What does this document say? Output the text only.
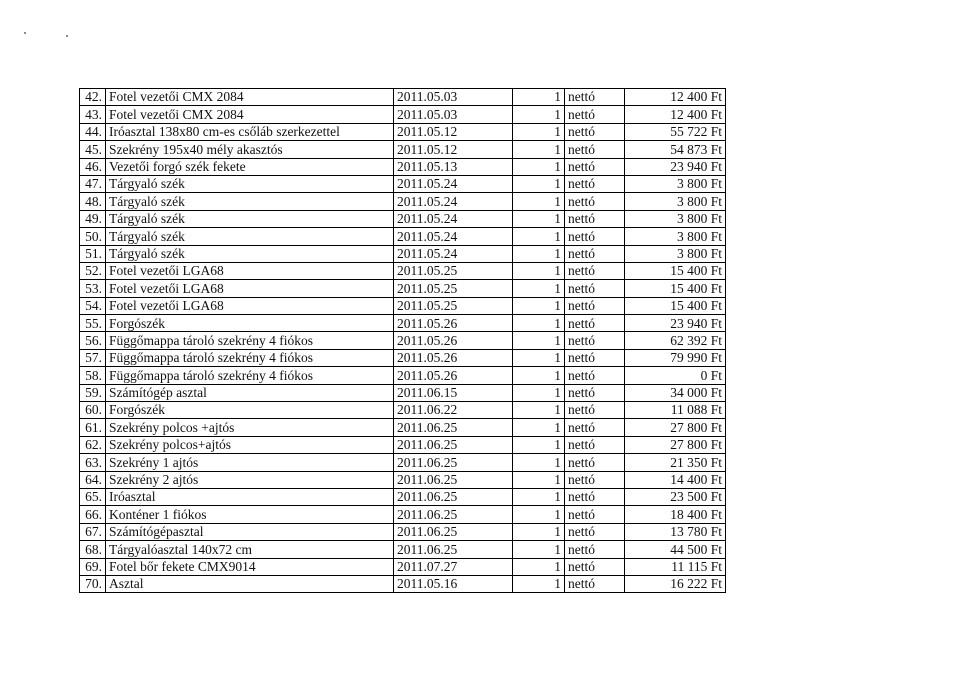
42.	Fotel vezetői CMX 2084	2011.05.03	1	nettó	12 400 Ft
43.	Fotel vezetői CMX 2084	2011.05.03	1	nettó	12 400 Ft
44.	Iróasztal 138x80 cm-es csőláb szerkezettel	2011.05.12	1	nettó	55 722 Ft
45.	Szekrény 195x40 mély akasztós	2011.05.12	1	nettó	54 873 Ft
46.	Vezetői forgó szék fekete	2011.05.13	1	nettó	23 940 Ft
47.	Tárgyaló szék	2011.05.24	1	nettó	3 800 Ft
48.	Tárgyaló szék	2011.05.24	1	nettó	3 800 Ft
49.	Tárgyaló szék	2011.05.24	1	nettó	3 800 Ft
50.	Tárgyaló szék	2011.05.24	1	nettó	3 800 Ft
51.	Tárgyaló szék	2011.05.24	1	nettó	3 800 Ft
52.	Fotel vezetői LGA68	2011.05.25	1	nettó	15 400 Ft
53.	Fotel vezetői LGA68	2011.05.25	1	nettó	15 400 Ft
54.	Fotel vezetői LGA68	2011.05.25	1	nettó	15 400 Ft
55.	Forgószék	2011.05.26	1	nettó	23 940 Ft
56.	Függőmappa tároló szekrény 4 fiókos	2011.05.26	1	nettó	62 392 Ft
57.	Függőmappa tároló szekrény 4 fiókos	2011.05.26	1	nettó	79 990 Ft
58.	Függőmappa tároló szekrény 4 fiókos	2011.05.26	1	nettó	0 Ft
59.	Számítógép asztal	2011.06.15	1	nettó	34 000 Ft
60.	Forgószék	2011.06.22	1	nettó	11 088 Ft
61.	Szekrény polcos +ajtós	2011.06.25	1	nettó	27 800 Ft
62.	Szekrény polcos+ajtós	2011.06.25	1	nettó	27 800 Ft
63.	Szekrény 1 ajtós	2011.06.25	1	nettó	21 350 Ft
64.	Szekrény 2 ajtós	2011.06.25	1	nettó	14 400 Ft
65.	Iróasztal	2011.06.25	1	nettó	23 500 Ft
66.	Konténer 1 fiókos	2011.06.25	1	nettó	18 400 Ft
67.	Számítógépasztal	2011.06.25	1	nettó	13 780 Ft
68.	Tárgyalóasztal 140x72 cm	2011.06.25	1	nettó	44 500 Ft
69.	Fotel bőr fekete CMX9014	2011.07.27	1	nettó	11 115 Ft
70.	Asztal	2011.05.16	1	nettó	16 222 Ft
